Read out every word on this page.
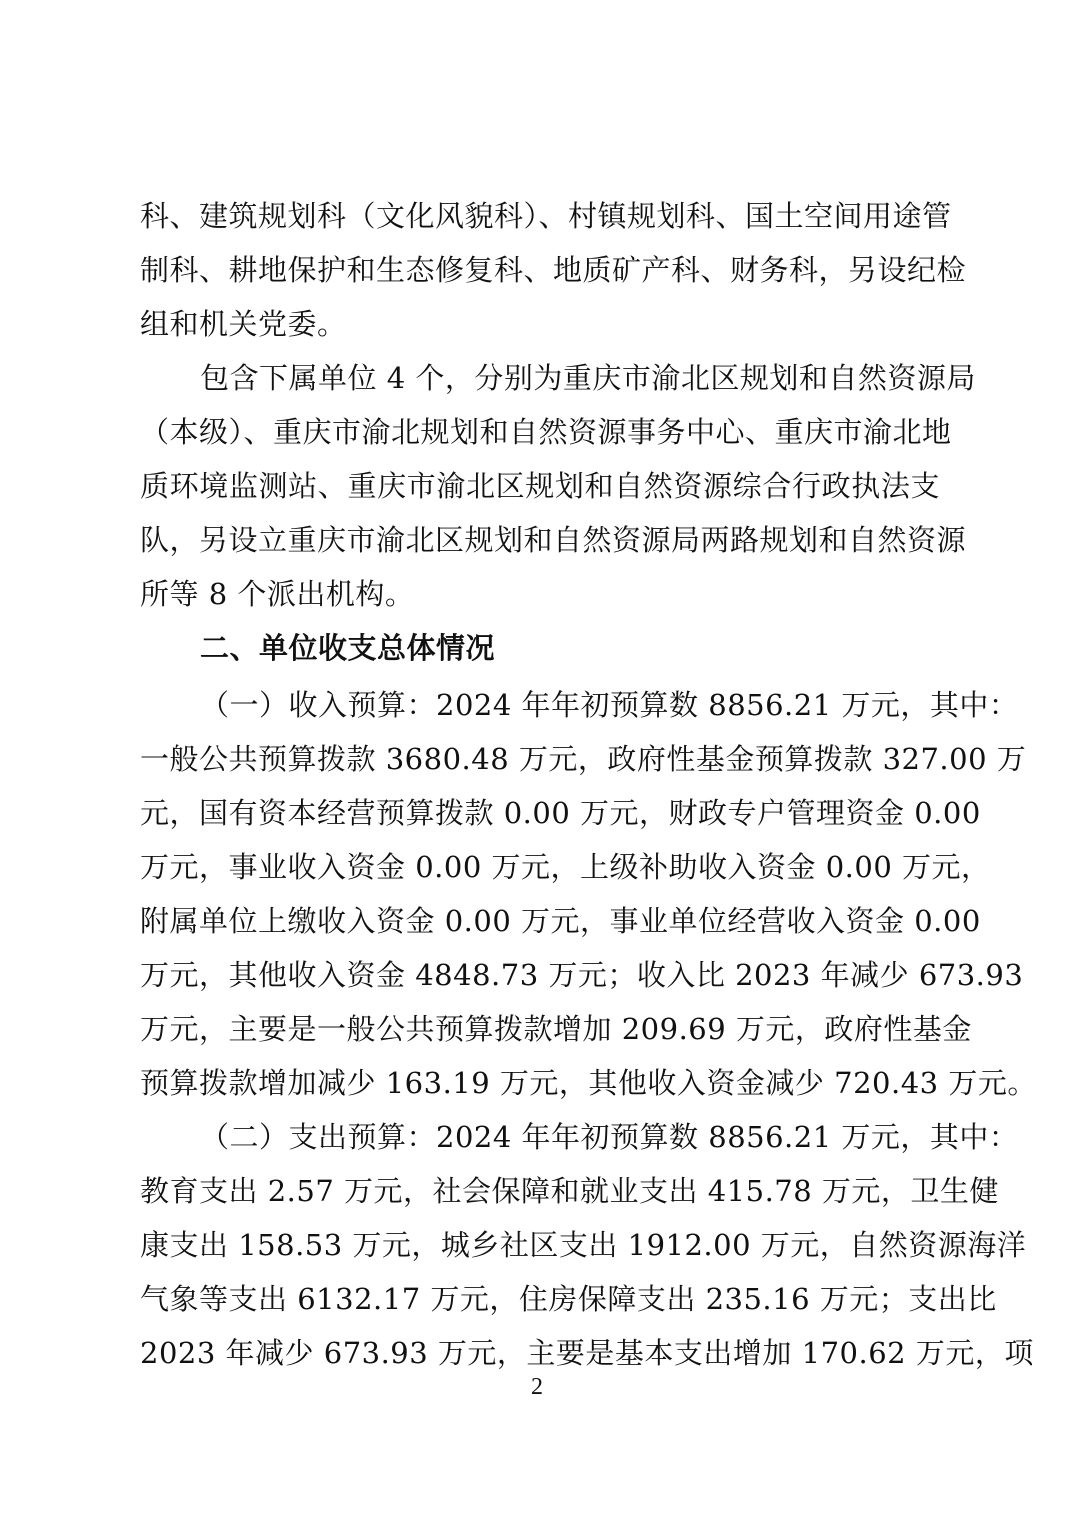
科、建筑规划科（文化风貌科）、村镇规划科、国土空间用途管
制科、耕地保护和生态修复科、地质矿产科、财务科，另设纪检
组和机关党委。
包含下属单位 4 个，分别为重庆市渝北区规划和自然资源局
（本级）、重庆市渝北规划和自然资源事务中心、重庆市渝北地
质环境监测站、重庆市渝北区规划和自然资源综合行政执法支
队，另设立重庆市渝北区规划和自然资源局两路规划和自然资源
所等 8 个派出机构。
二、单位收支总体情况
（一）收入预算：2024 年年初预算数 8856.21 万元，其中：
一般公共预算拨款 3680.48 万元，政府性基金预算拨款 327.00 万
元，国有资本经营预算拨款 0.00 万元，财政专户管理资金 0.00
万元，事业收入资金 0.00 万元，上级补助收入资金 0.00 万元，
附属单位上缴收入资金 0.00 万元，事业单位经营收入资金 0.00
万元，其他收入资金 4848.73 万元；收入比 2023 年减少 673.93
万元，主要是一般公共预算拨款增加 209.69 万元，政府性基金
预算拨款增加减少 163.19 万元，其他收入资金减少 720.43 万元。
（二）支出预算：2024 年年初预算数 8856.21 万元，其中：
教育支出 2.57 万元，社会保障和就业支出 415.78 万元，卫生健
康支出 158.53 万元，城乡社区支出 1912.00 万元，自然资源海洋
气象等支出 6132.17 万元，住房保障支出 235.16 万元；支出比
2023 年减少 673.93 万元，主要是基本支出增加 170.62 万元，项
2
